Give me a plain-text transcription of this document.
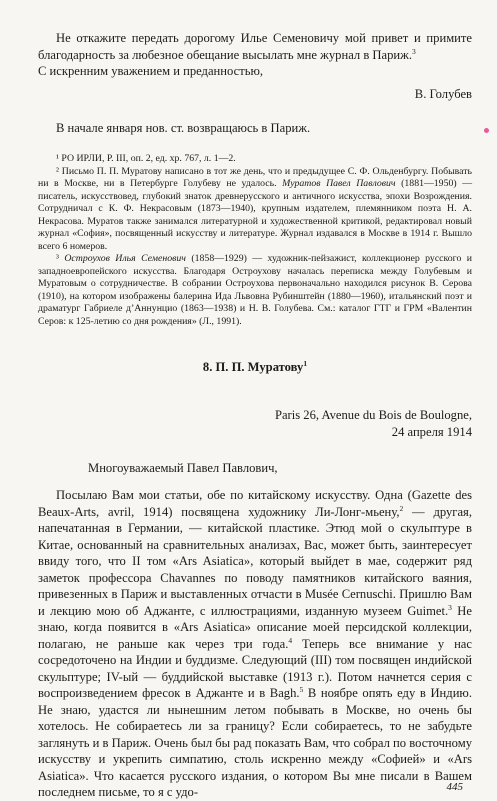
Не откажите передать дорогому Илье Семеновичу мой привет и примите благодарность за любезное обещание высылать мне журнал в Париж.$^3$

С искренним уважением и преданностью,

В. Голубев
В начале января нов. ст. возвращаюсь в Париж.

¹ РО ИРЛИ, Р. III, оп. 2, ед. хр. 767, л. 1—2.

² Письмо П. П. Муратову написано в тот же день, что и предыдущее С. Ф. Ольденбургу. Побывать ни в Москве, ни в Петербурге Голубеву не удалось. Муратов Павел Павлович (1881—1950) — писатель, искусствовед, глубокий знаток древнерусского и античного искусства, эпохи Возрождения. Сотрудничал с К. Ф. Некрасовым (1873—1940), крупным издателем, племянником поэта Н. А. Некрасова. Муратов также занимался литературной и художественной критикой, редактировал новый журнал «София», посвященный искусству и литературе. Журнал издавался в Москве в 1914 г. Вышло всего 6 номеров.

³ Остроухов Илья Семенович (1858—1929) — художник-пейзажист, коллекционер русского и западноевропейского искусства. Благодаря Остроухову началась переписка между Голубевым и Муратовым о сотрудничестве. В собрании Остроухова первоначально находился рисунок В. Серова (1910), на котором изображены балерина Ида Львовна Рубинштейн (1880—1960), итальянский поэт и драматург Габриеле д’Аннунцио (1863—1938) и Н. В. Голубева. См.: каталог ГТГ и ГРМ «Валентин Серов: к 125-летию со дня рождения» (Л., 1991).

8. П. П. Муратову$^1$

Paris 26, Avenue du Bois de Boulogne,

24 апреля 1914

Многоуважаемый Павел Павлович,
Посылаю Вам мои статьи, обе по китайскому искусству. Одна (Gazette des Beaux-Arts, avril, 1914) посвящена художнику Ли-Лонг-мьену,$^2$ — другая, напечатанная в Германии, — китайской пластике. Этюд мой о скульптуре в Китае, основанный на сравнительных анализах, Вас, может быть, заинтересует ввиду того, что II том «Ars Asiatica», который выйдет в мае, содержит ряд заметок профессора Chavannes по поводу памятников китайского ваяния, привезенных в Париж и выставленных отчасти в Musée Cernuschi. Пришлю Вам и лекцию мою об Аджанте, с иллюстрациями, изданную музеем Guimet.$^3$ Не знаю, когда появится в «Ars Asiatica» описание моей персидской коллекции, полагаю, не раньше как через три года.$^4$ Теперь все внимание у нас сосредоточено на Индии и буддизме. Следующий (III) том посвящен индийской скульптуре; IV-ый — буддийской выставке (1913 г.). Потом начнется серия с воспроизведением фресок в Аджанте и в Bagh.$^5$ В ноябре опять еду в Индию. Не знаю, удастся ли нынешним летом побывать в Москве, но очень бы хотелось. Не собираетесь ли за границу? Если собираетесь, то не забудьте заглянуть и в Париж. Очень был бы рад показать Вам, что собрал по восточному искусству и укрепить симпатию, столь искренно между «Софией» и «Ars Asiatica». Что касается русского издания, о котором Вы мне писали в Вашем последнем письме, то я с удо-	445
